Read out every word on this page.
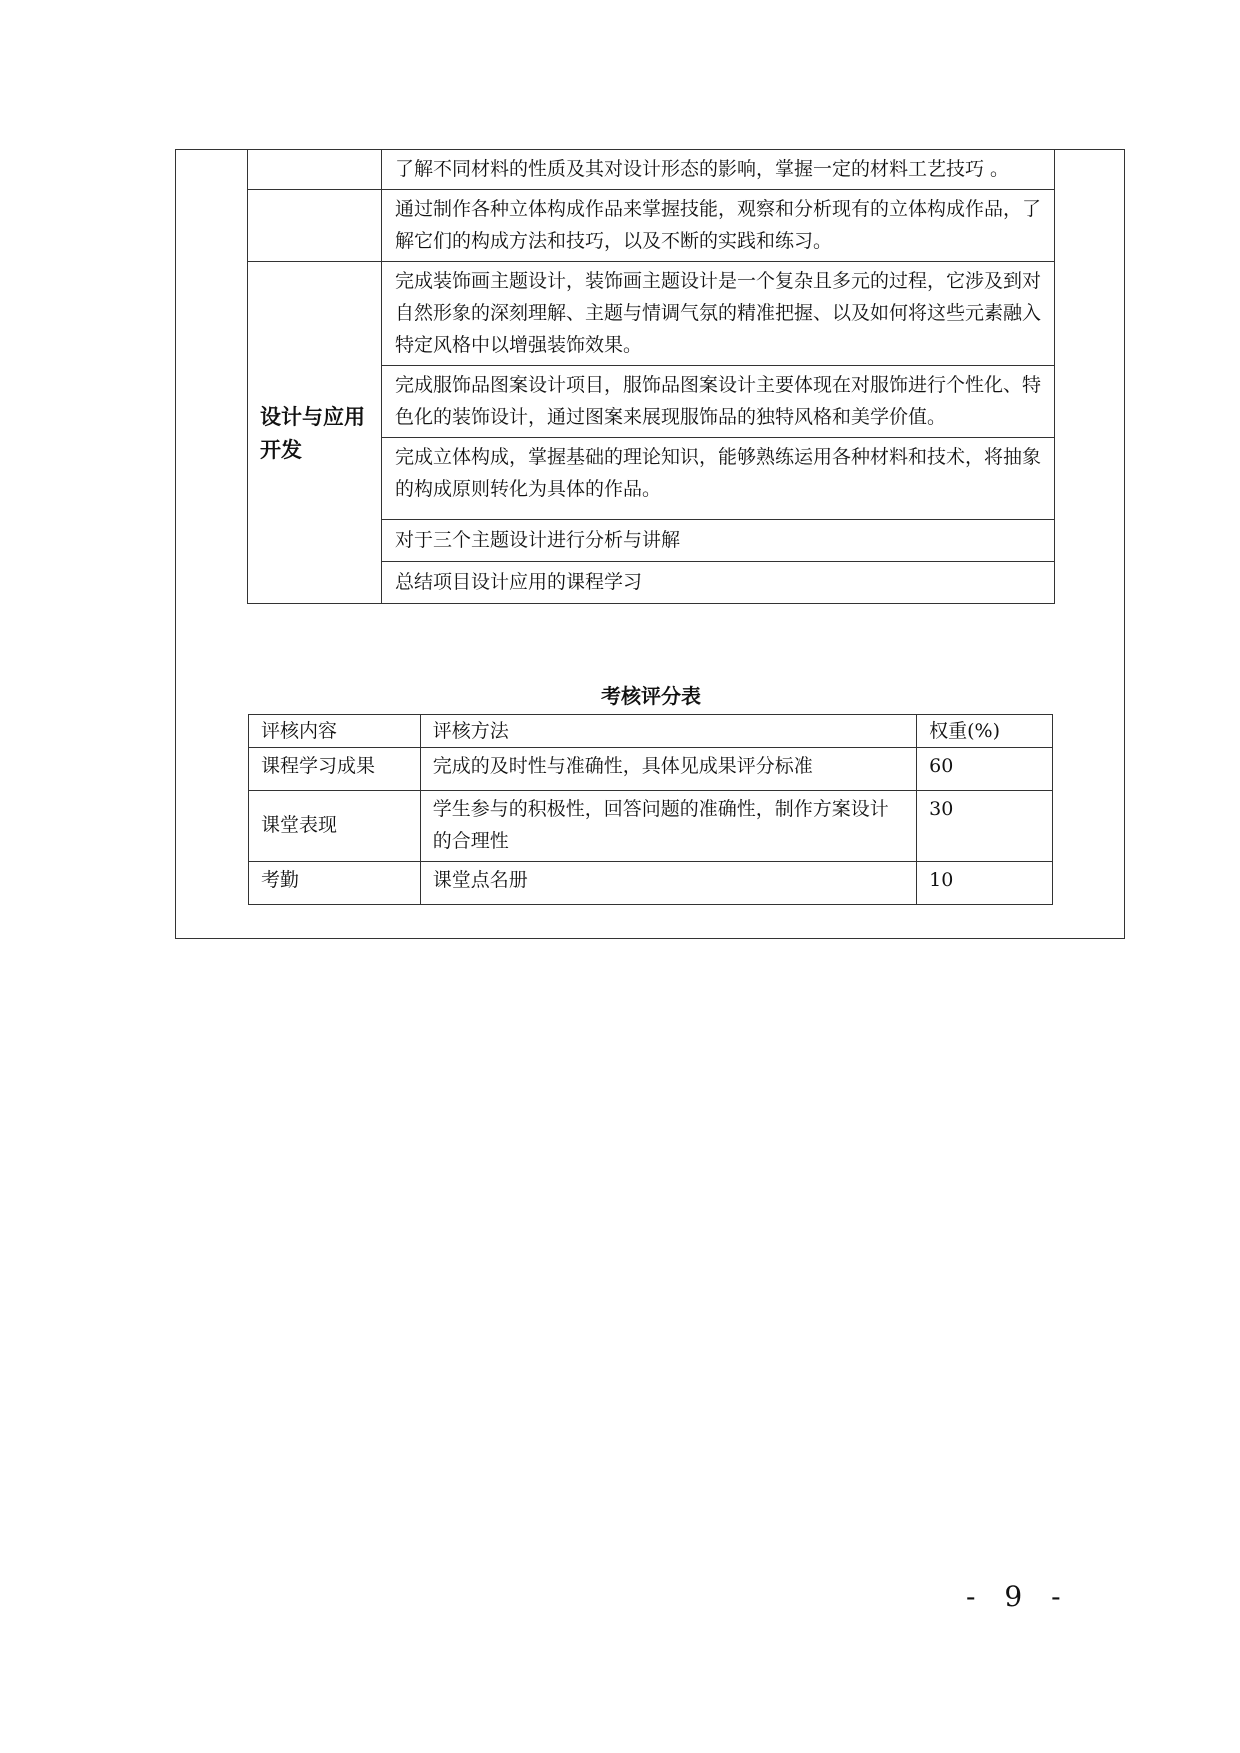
	了解不同材料的性质及其对设计形态的影响，掌握一定的材料工艺技巧 。
	通过制作各种立体构成作品来掌握技能，观察和分析现有的立体构成作品，了解它们的构成方法和技巧，以及不断的实践和练习。
设计与应用开发	完成装饰画主题设计，装饰画主题设计是一个复杂且多元的过程，它涉及到对自然形象的深刻理解、主题与情调气氛的精准把握、以及如何将这些元素融入特定风格中以增强装饰效果。
	完成服饰品图案设计项目，服饰品图案设计主要体现在对服饰进行个性化、特色化的装饰设计，通过图案来展现服饰品的独特风格和美学价值。
	完成立体构成，掌握基础的理论知识，能够熟练运用各种材料和技术，将抽象的构成原则转化为具体的作品。
	对于三个主题设计进行分析与讲解
	总结项目设计应用的课程学习
考核评分表
评核内容	评核方法	权重(%)
课程学习成果	完成的及时性与准确性，具体见成果评分标准	60
课堂表现	学生参与的积极性，回答问题的准确性，制作方案设计的合理性	30
考勤	课堂点名册	10
- 9 -
